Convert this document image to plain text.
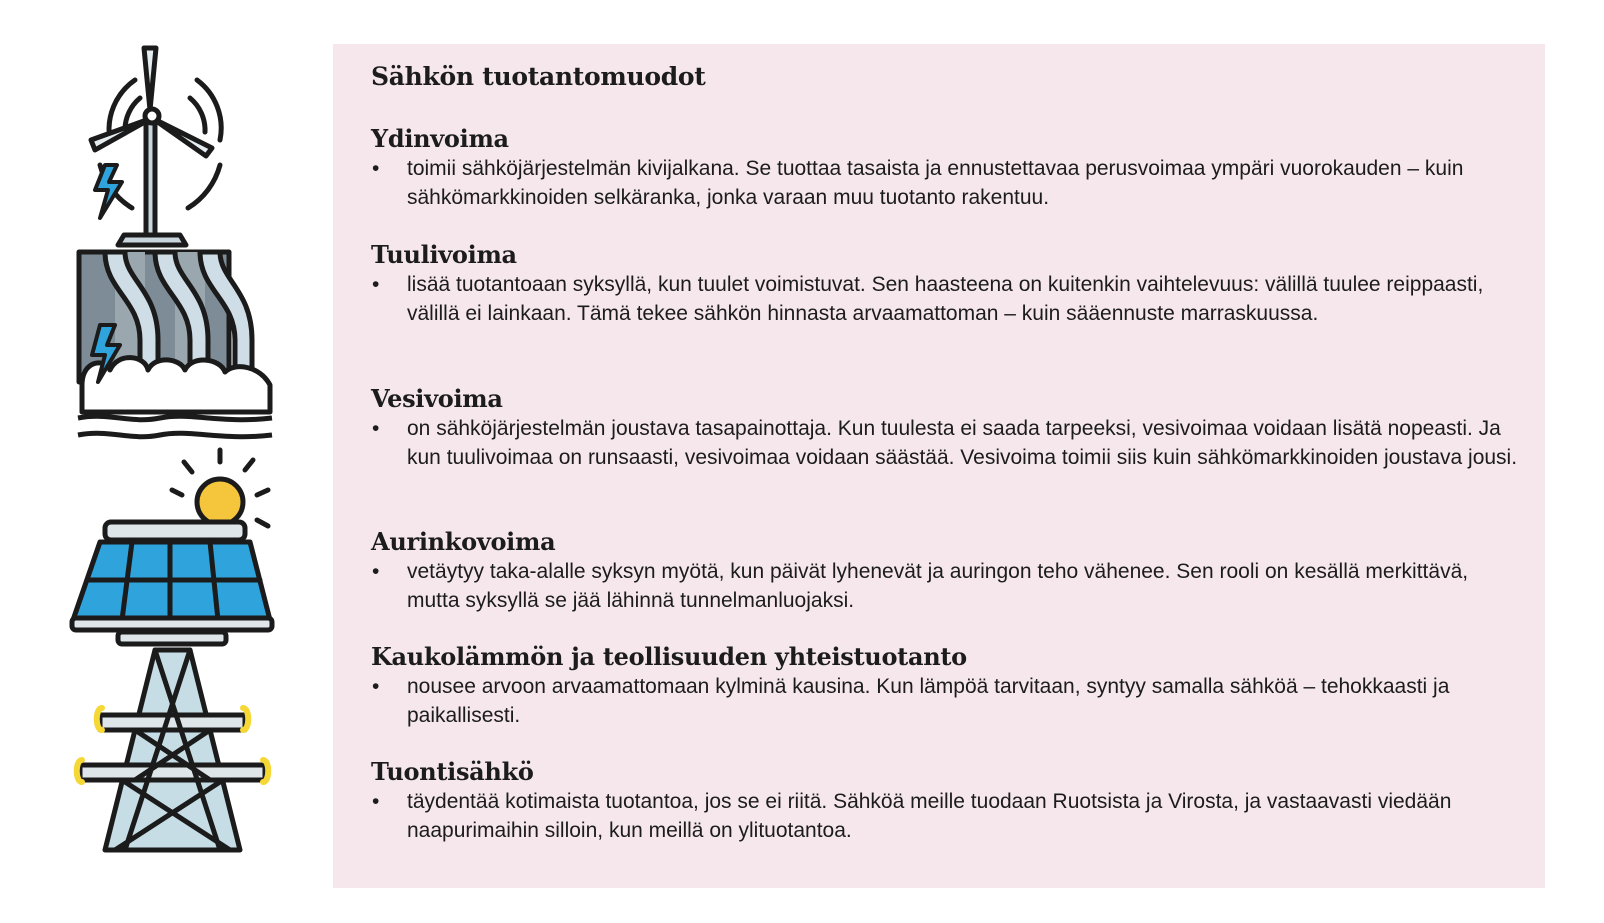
Sähkön tuotantomuodot
Ydinvoima
• toimii sähköjärjestelmän kivijalkana. Se tuottaa tasaista ja ennustettavaa perusvoimaa ympäri vuorokauden – kuin sähkömarkkinoiden selkäranka, jonka varaan muu tuotanto rakentuu.
Tuulivoima
• lisää tuotantoaan syksyllä, kun tuulet voimistuvat. Sen haasteena on kuitenkin vaihtelevuus: välillä tuulee reippaasti, välillä ei lainkaan. Tämä tekee sähkön hinnasta arvaamattoman – kuin sääennuste marraskuussa.
Vesivoima
• on sähköjärjestelmän joustava tasapainottaja. Kun tuulesta ei saada tarpeeksi, vesivoimaa voidaan lisätä nopeasti. Ja kun tuulivoimaa on runsaasti, vesivoimaa voidaan säästää. Vesivoima toimii siis kuin sähkömarkkinoiden joustava jousi.
Aurinkovoima
• vetäytyy taka-alalle syksyn myötä, kun päivät lyhenevät ja auringon teho vähenee. Sen rooli on kesällä merkittävä, mutta syksyllä se jää lähinnä tunnelmanluojaksi.
Kaukolämmön ja teollisuuden yhteistuotanto
• nousee arvoon arvaamattomaan kylminä kausina. Kun lämpöä tarvitaan, syntyy samalla sähköä – tehokkaasti ja paikallisesti.
Tuontisähkö
• täydentää kotimaista tuotantoa, jos se ei riitä. Sähköä meille tuodaan Ruotsista ja Virosta, ja vastaavasti viedään naapurimaihin silloin, kun meillä on ylituotantoa.
